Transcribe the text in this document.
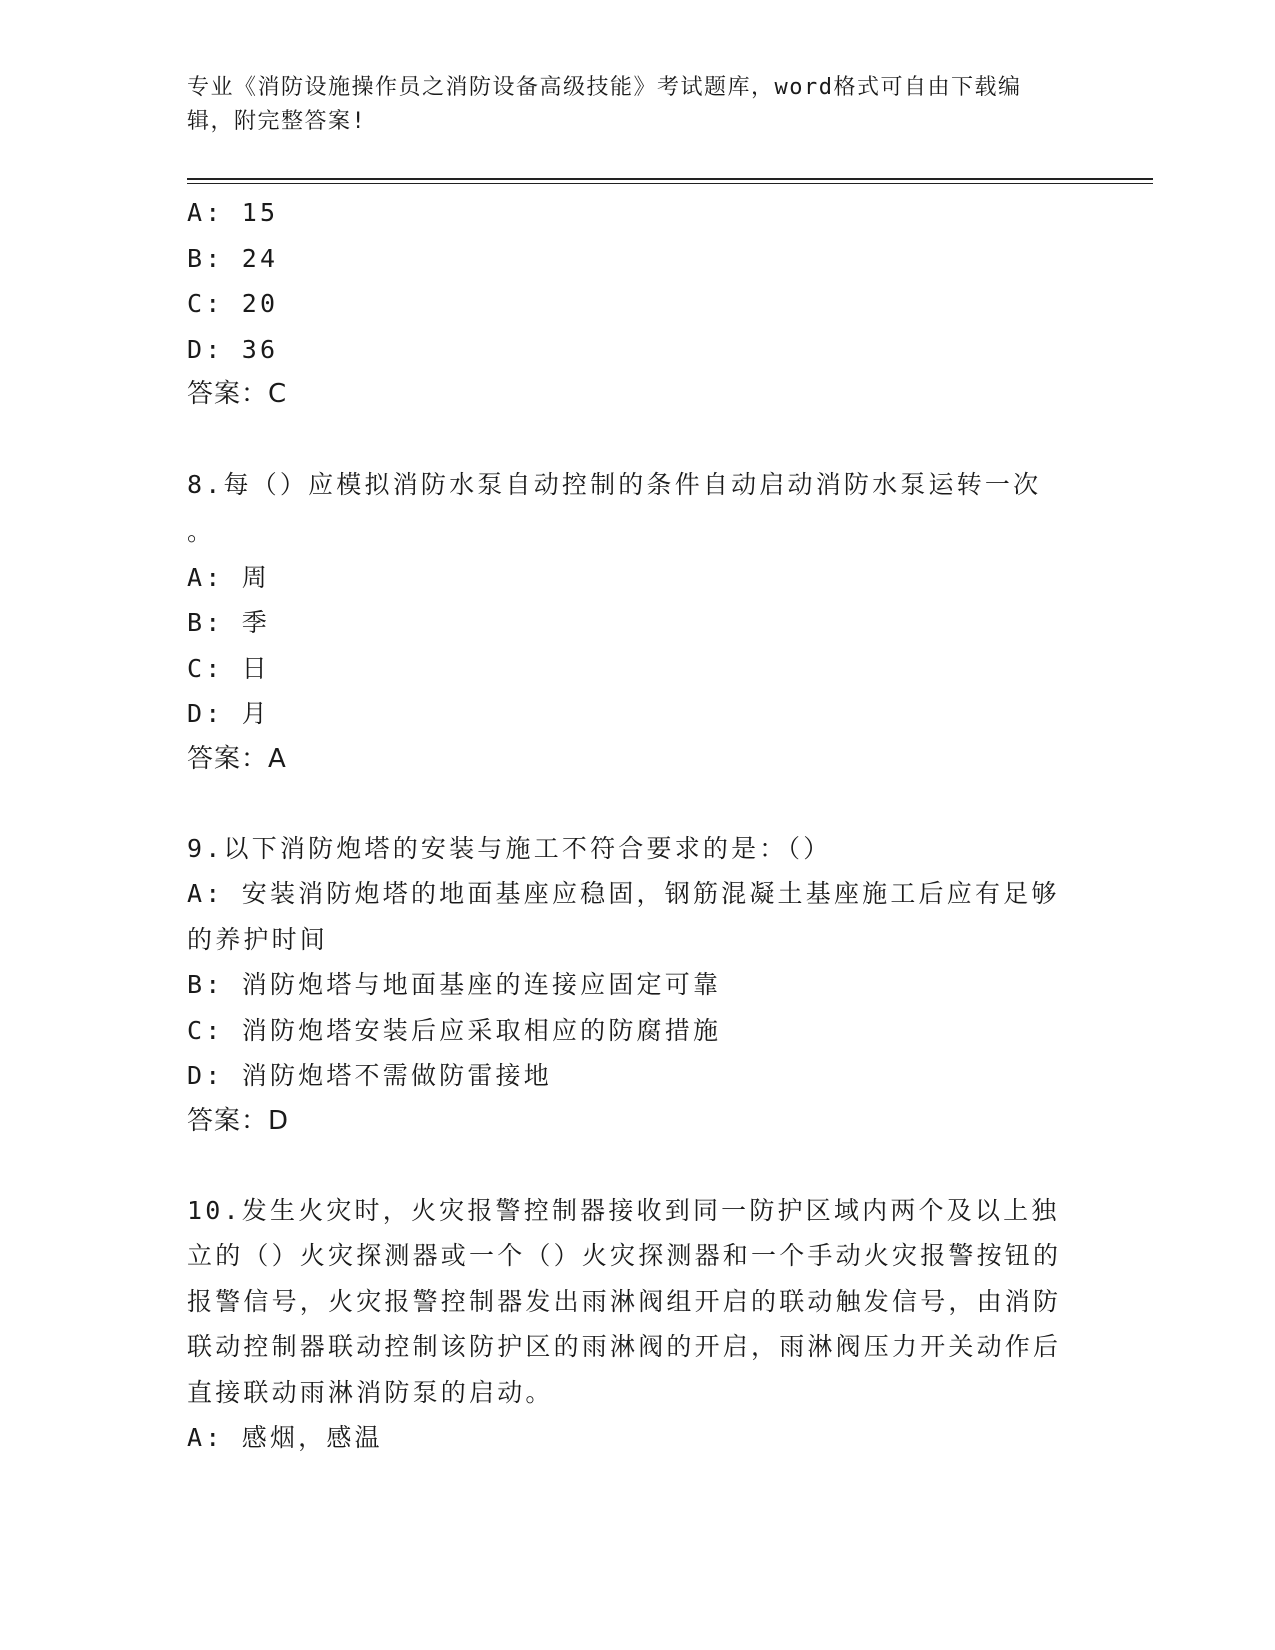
专业《消防设施操作员之消防设备高级技能》考试题库，word格式可自由下载编辑，附完整答案!
A: 15
B: 24
C: 20
D: 36
答案：C
8.每（）应模拟消防水泵自动控制的条件自动启动消防水泵运转一次
。
A: 周
B: 季
C: 日
D: 月
答案：A
9.以下消防炮塔的安装与施工不符合要求的是：（）
A: 安装消防炮塔的地面基座应稳固，钢筋混凝土基座施工后应有足够的养护时间
B: 消防炮塔与地面基座的连接应固定可靠
C: 消防炮塔安装后应采取相应的防腐措施
D: 消防炮塔不需做防雷接地
答案：D
10.发生火灾时，火灾报警控制器接收到同一防护区域内两个及以上独立的（）火灾探测器或一个（）火灾探测器和一个手动火灾报警按钮的报警信号，火灾报警控制器发出雨淋阀组开启的联动触发信号，由消防联动控制器联动控制该防护区的雨淋阀的开启，雨淋阀压力开关动作后直接联动雨淋消防泵的启动。
A: 感烟，感温
